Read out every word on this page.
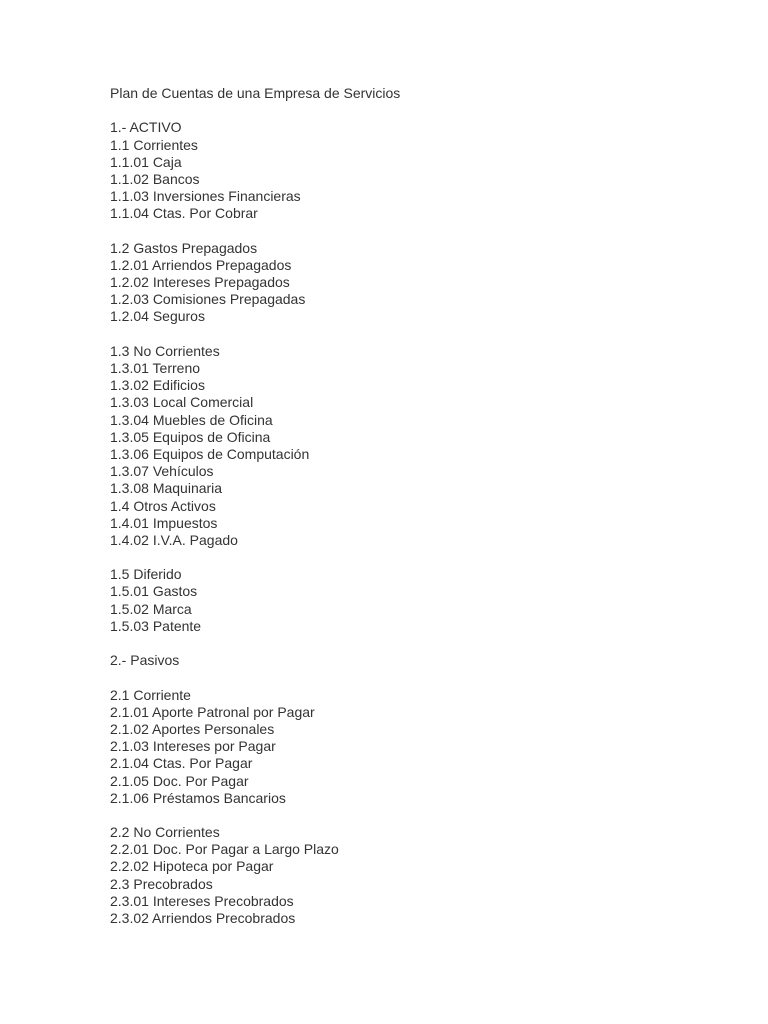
Plan de Cuentas de una Empresa de Servicios
1.- ACTIVO
1.1 Corrientes
1.1.01 Caja
1.1.02 Bancos
1.1.03 Inversiones Financieras
1.1.04 Ctas. Por Cobrar
1.2 Gastos Prepagados
1.2.01 Arriendos Prepagados
1.2.02 Intereses Prepagados
1.2.03 Comisiones Prepagadas
1.2.04 Seguros
1.3 No Corrientes
1.3.01 Terreno
1.3.02 Edificios
1.3.03 Local Comercial
1.3.04 Muebles de Oficina
1.3.05 Equipos de Oficina
1.3.06 Equipos de Computación
1.3.07 Vehículos
1.3.08 Maquinaria
1.4 Otros Activos
1.4.01 Impuestos
1.4.02 I.V.A. Pagado
1.5 Diferido
1.5.01 Gastos
1.5.02 Marca
1.5.03 Patente
2.- Pasivos
2.1 Corriente
2.1.01 Aporte Patronal por Pagar
2.1.02 Aportes Personales
2.1.03 Intereses por Pagar
2.1.04 Ctas. Por Pagar
2.1.05 Doc. Por Pagar
2.1.06 Préstamos Bancarios
2.2 No Corrientes
2.2.01 Doc. Por Pagar a Largo Plazo
2.2.02 Hipoteca por Pagar
2.3 Precobrados
2.3.01 Intereses Precobrados
2.3.02 Arriendos Precobrados
